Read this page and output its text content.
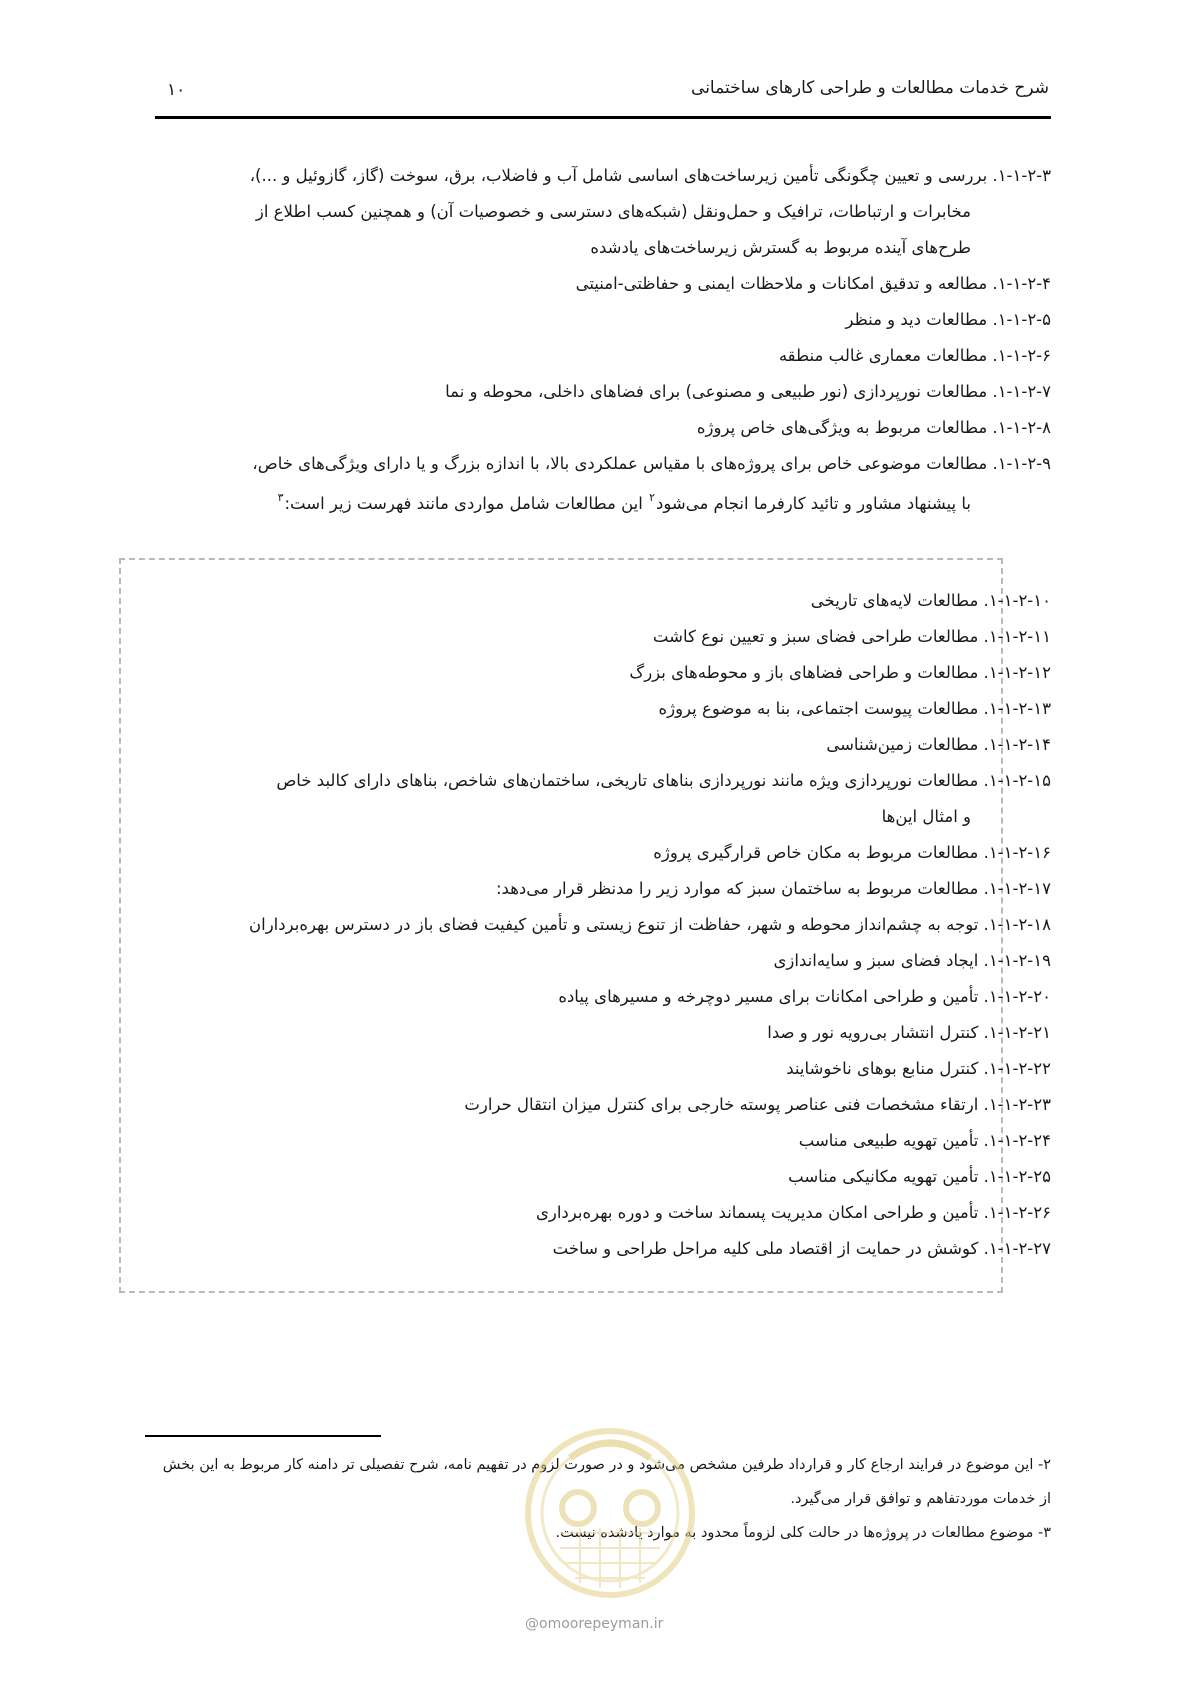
شرح خدمات مطالعات و طراحی کارهای ساختمانی
۱۰
۱-۱-۲-۳. بررسی و تعیین چگونگی تأمین زیرساخت‌های اساسی شامل آب و فاضلاب، برق، سوخت (گاز، گازوئیل و ...)،
مخابرات و ارتباطات، ترافیک و حمل‌ونقل (شبکه‌های دسترسی و خصوصیات آن) و همچنین کسب اطلاع از
طرح‌های آینده مربوط به گسترش زیرساخت‌های یادشده
۱-۱-۲-۴. مطالعه و تدقیق امکانات و ملاحظات ایمنی و حفاظتی-امنیتی
۱-۱-۲-۵. مطالعات دید و منظر
۱-۱-۲-۶. مطالعات معماری غالب منطقه
۱-۱-۲-۷. مطالعات نورپردازی (نور طبیعی و مصنوعی) برای فضاهای داخلی، محوطه و نما
۱-۱-۲-۸. مطالعات مربوط به ویژگی‌های خاص پروژه
۱-۱-۲-۹. مطالعات موضوعی خاص برای پروژه‌های با مقیاس عملکردی بالا، با اندازه بزرگ و یا دارای ویژگی‌های خاص،
با پیشنهاد مشاور و تائید کارفرما انجام می‌شود$^۲$ این مطالعات شامل مواردی مانند فهرست زیر است:$^۳$
۱-۱-۲-۱۰. مطالعات لایه‌های تاریخی
۱-۱-۲-۱۱. مطالعات طراحی فضای سبز و تعیین نوع کاشت
۱-۱-۲-۱۲. مطالعات و طراحی فضاهای باز و محوطه‌های بزرگ
۱-۱-۲-۱۳. مطالعات پیوست اجتماعی، بنا به موضوع پروژه
۱-۱-۲-۱۴. مطالعات زمین‌شناسی
۱-۱-۲-۱۵. مطالعات نورپردازی ویژه مانند نورپردازی بناهای تاریخی، ساختمان‌های شاخص، بناهای دارای کالبد خاص
و امثال این‌ها
۱-۱-۲-۱۶. مطالعات مربوط به مکان خاص قرارگیری پروژه
۱-۱-۲-۱۷. مطالعات مربوط به ساختمان سبز که موارد زیر را مدنظر قرار می‌دهد:
۱-۱-۲-۱۸. توجه به چشم‌انداز محوطه و شهر، حفاظت از تنوع زیستی و تأمین کیفیت فضای باز در دسترس بهره‌برداران
۱-۱-۲-۱۹. ایجاد فضای سبز و سایه‌اندازی
۱-۱-۲-۲۰. تأمین و طراحی امکانات برای مسیر دوچرخه و مسیرهای پیاده
۱-۱-۲-۲۱. کنترل انتشار بی‌رویه نور و صدا
۱-۱-۲-۲۲. کنترل منابع بوهای ناخوشایند
۱-۱-۲-۲۳. ارتقاء مشخصات فنی عناصر پوسته خارجی برای کنترل میزان انتقال حرارت
۱-۱-۲-۲۴. تأمین تهویه طبیعی مناسب
۱-۱-۲-۲۵. تأمین تهویه مکانیکی مناسب
۱-۱-۲-۲۶. تأمین و طراحی امکان مدیریت پسماند ساخت و دوره بهره‌برداری
۱-۱-۲-۲۷. کوشش در حمایت از اقتصاد ملی کلیه مراحل طراحی و ساخت
۲- این موضوع در فرایند ارجاع کار و قرارداد طرفین مشخص می‌شود و در صورت لزوم در تفهیم نامه، شرح تفصیلی تر دامنه کار مربوط به این بخش
از خدمات موردتفاهم و توافق قرار می‌گیرد.
۳- موضوع مطالعات در پروژه‌ها در حالت کلی لزوماً محدود به موارد یادشده نیست.
@omoorepeyman.ir
